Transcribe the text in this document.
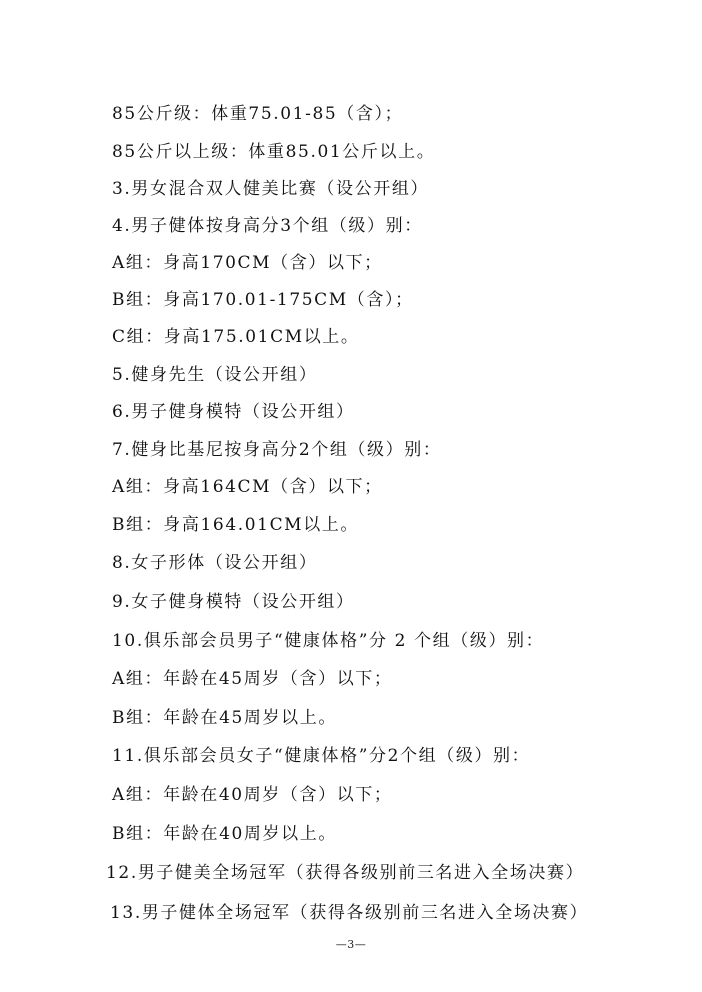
85公斤级：体重75.01-85（含）；
85公斤以上级：体重85.01公斤以上。
3.男女混合双人健美比赛（设公开组）
4.男子健体按身高分3个组（级）别：
A组：身高170CM（含）以下；
B组：身高170.01-175CM（含）；
C组：身高175.01CM以上。
5.健身先生（设公开组）
6.男子健身模特（设公开组）
7.健身比基尼按身高分2个组（级）别：
A组：身高164CM（含）以下；
B组：身高164.01CM以上。
8.女子形体（设公开组）
9.女子健身模特（设公开组）
10.俱乐部会员男子“健康体格”分 2 个组（级）别：
A组：年龄在45周岁（含）以下；
B组：年龄在45周岁以上。
11.俱乐部会员女子“健康体格”分2个组（级）别：
A组：年龄在40周岁（含）以下；
B组：年龄在40周岁以上。
12.男子健美全场冠军（获得各级别前三名进入全场决赛）
13.男子健体全场冠军（获得各级别前三名进入全场决赛）
—3—
